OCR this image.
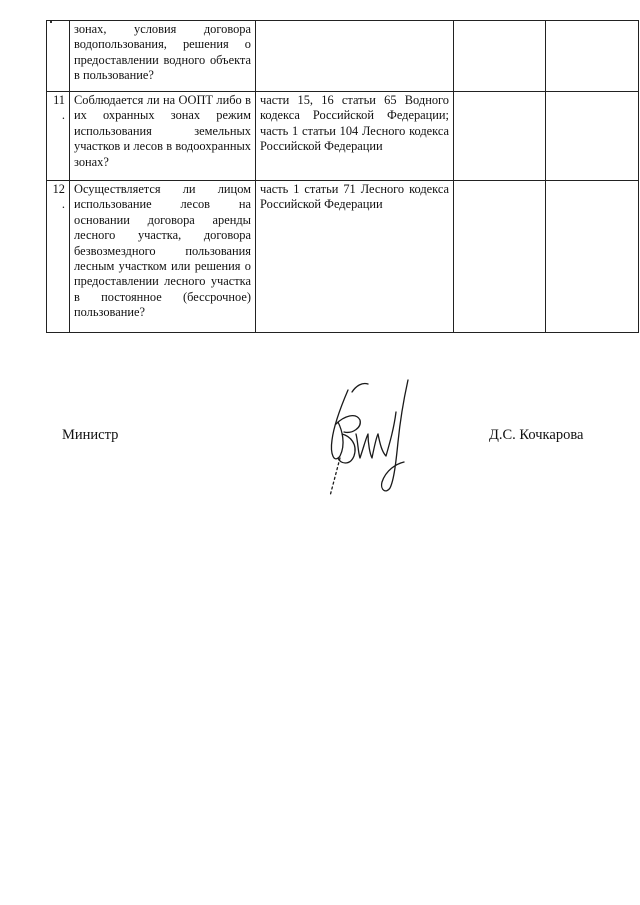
	зонах, условия договора водопользования, решения о предоставлении водного объекта в пользование?			
11.	Соблюдается ли на ООПТ либо в их охранных зонах режим использования земельных участков и лесов в водоохранных зонах?	части 15, 16 статьи 65 Водного кодекса Российской Федерации; часть 1 статьи 104 Лесного кодекса Российской Федерации		
12.	Осуществляется ли лицом использование лесов на основании договора аренды лесного участка, договора безвозмездного пользования лесным участком или решения о предоставлении лесного участка в постоянное (бессрочное) пользование?	часть 1 статьи 71 Лесного кодекса Российской Федерации		

Министр	Д.С. Кочкарова
